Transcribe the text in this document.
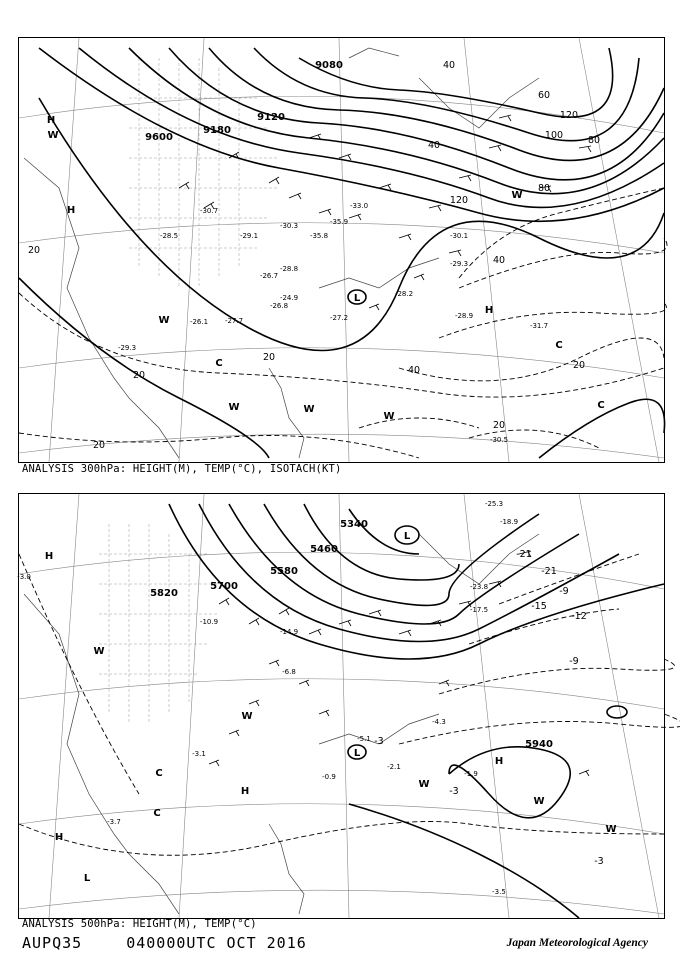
9600
9120
9180
9080
20
20
20
20
20
20
40
40
40
40
60
80
80
100
120
120
-35.9
-35.8
-30.7
-29.1
-28.5
-28.8
-30.3
-27.7
-26.8
-26.1
-24.9
-27.2
-29.3
-28.9
-31.7
-30.5
-29.3
-30.1
-33.0
-28.2
-26.7
H
H
H
W
W
W	W
W
W
C
C
C
L
ANALYSIS 300hPa: HEIGHT(M), TEMP(°C), ISOTACH(KT)
5820
5700
5580
5460
5340
5940
-3
-3
-3
-9
-9
-15
-21
-21
-12
-3.5
-3.0
-5.1
-1.9
-4.3
-6.8
-2.1
-0.9
-3.1
-3.7
-10.9
-14.9
-23.8
-25.3
-18.9
-17.5
H
H
H
H
L
L
L
W
W
W
W
W
C
C
ANALYSIS 500hPa: HEIGHT(M), TEMP(°C)
AUPQ35	040000UTC OCT 2016	Japan Meteorological Agency
